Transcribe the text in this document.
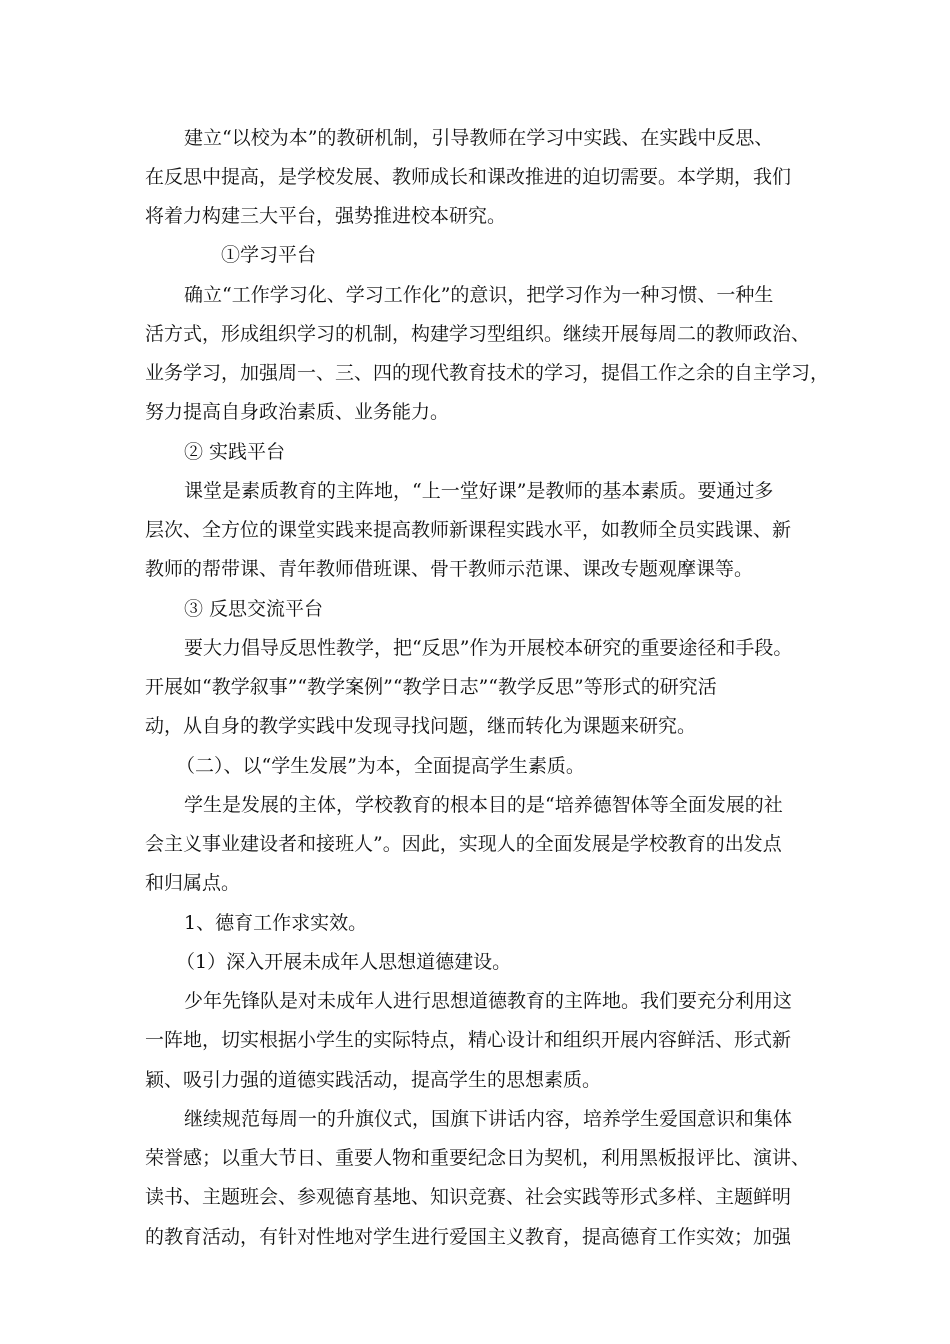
建立“以校为本”的教研机制，引导教师在学习中实践、在实践中反思、
在反思中提高，是学校发展、教师成长和课改推进的迫切需要。本学期，我们
将着力构建三大平台，强势推进校本研究。
①学习平台
确立“工作学习化、学习工作化”的意识，把学习作为一种习惯、一种生
活方式，形成组织学习的机制，构建学习型组织。继续开展每周二的教师政治、
业务学习，加强周一、三、四的现代教育技术的学习，提倡工作之余的自主学习，
努力提高自身政治素质、业务能力。
② 实践平台
课堂是素质教育的主阵地，“上一堂好课”是教师的基本素质。要通过多
层次、全方位的课堂实践来提高教师新课程实践水平，如教师全员实践课、新
教师的帮带课、青年教师借班课、骨干教师示范课、课改专题观摩课等。
③ 反思交流平台
要大力倡导反思性教学，把“反思”作为开展校本研究的重要途径和手段。
开展如“教学叙事”“教学案例”“教学日志”“教学反思”等形式的研究活
动，从自身的教学实践中发现寻找问题，继而转化为课题来研究。
（二）、以“学生发展”为本，全面提高学生素质。
学生是发展的主体，学校教育的根本目的是“培养德智体等全面发展的社
会主义事业建设者和接班人”。因此，实现人的全面发展是学校教育的出发点
和归属点。
1、德育工作求实效。
（1）深入开展未成年人思想道德建设。
少年先锋队是对未成年人进行思想道德教育的主阵地。我们要充分利用这
一阵地，切实根据小学生的实际特点，精心设计和组织开展内容鲜活、形式新
颖、吸引力强的道德实践活动，提高学生的思想素质。
继续规范每周一的升旗仪式，国旗下讲话内容，培养学生爱国意识和集体
荣誉感；以重大节日、重要人物和重要纪念日为契机，利用黑板报评比、演讲、
读书、主题班会、参观德育基地、知识竞赛、社会实践等形式多样、主题鲜明
的教育活动，有针对性地对学生进行爱国主义教育，提高德育工作实效；加强
